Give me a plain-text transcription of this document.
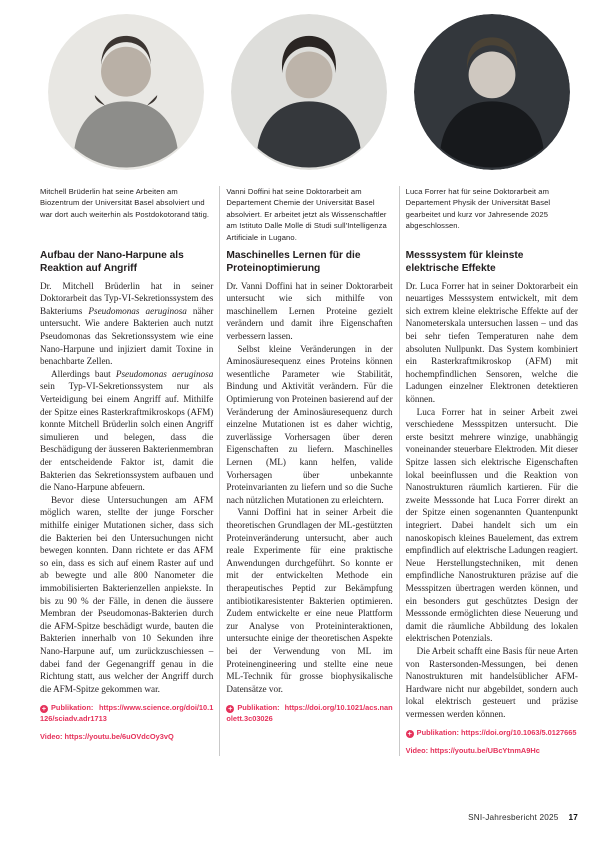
Mitchell Brüderlin hat seine Arbeiten am Biozentrum der Universität Basel absolviert und war dort auch weiterhin als Postdokotorand tätig.

Aufbau der Nano-Harpune als Reaktion auf Angriff

Dr. Mitchell Brüderlin hat in seiner Doktorarbeit das Typ-VI-Sekretionssystem des Bakteriums Pseudomonas aeruginosa näher untersucht. Wie andere Bakterien auch nutzt Pseudomonas das Sekretionssystem wie eine Nano-Harpune und injiziert damit Toxine in benachbarte Zellen.

Allerdings baut Pseudomonas aeruginosa sein Typ-VI-Sekretionssystem nur als Verteidigung bei einem Angriff auf. Mithilfe der Spitze eines Rasterkraftmikroskops (AFM) konnte Mitchell Brüderlin solch einen Angriff simulieren und belegen, dass die Beschädigung der äusseren Bakterienmembran der entscheidende Faktor ist, damit die Bakterien das Sekretionssystem aufbauen und die Nano-Harpune abfeuern.

Bevor diese Untersuchungen am AFM möglich waren, stellte der junge Forscher mithilfe einiger Mutationen sicher, dass sich die Bakterien bei den Untersuchungen nicht bewegen konnten. Dann richtete er das AFM so ein, dass es sich auf einem Raster auf und ab bewegte und alle 800 Nanometer die immobilisierten Bakterienzellen anpiekste. In bis zu 90 % der Fälle, in denen die äussere Membran der Pseudomonas-Bakterien durch die AFM-Spitze beschädigt wurde, bauten die Bakterien innerhalb von 10 Sekunden ihre Nano-Harpune auf, um zurückzuschiessen – dabei fand der Gegenangriff genau in die Richtung statt, aus welcher der Angriff durch die AFM-Spitze gekommen war.

+ Publikation: https://www.science.org/doi/10.1126/sciadv.adr1713
Video: https://youtu.be/6uOVdcOy3vQ

Vanni Doffini hat seine Doktorarbeit am Departement Chemie der Universität Basel absolviert. Er arbeitet jetzt als Wissenschaftler am Istituto Dalle Molle di Studi sull'Intelligenza Artificiale in Lugano.

Maschinelles Lernen für die Proteinoptimierung

Dr. Vanni Doffini hat in seiner Doktorarbeit untersucht wie sich mithilfe von maschinellem Lernen Proteine gezielt verändern und damit ihre Eigenschaften verbessern lassen.

Selbst kleine Veränderungen in der Aminosäuresequenz eines Proteins können wesentliche Parameter wie Stabilität, Bindung und Aktivität verändern. Für die Optimierung von Proteinen basierend auf der Veränderung der Aminosäuresequenz durch einzelne Mutationen ist es daher wichtig, zuverlässige Vorhersagen über deren Eigenschaften zu liefern. Maschinelles Lernen (ML) kann helfen, valide Vorhersagen über unbekannte Proteinvarianten zu liefern und so die Suche nach nützlichen Mutationen zu erleichtern.

Vanni Doffini hat in seiner Arbeit die theoretischen Grundlagen der ML-gestützten Proteinveränderung untersucht, aber auch reale Experimente für eine praktische Anwendungen durchgeführt. So konnte er mit der entwickelten Methode ein therapeutisches Peptid zur Bekämpfung antibiotikaresistenter Bakterien optimieren. Zudem entwickelte er eine neue Plattform zur Analyse von Proteininteraktionen, untersuchte einige der theoretischen Aspekte bei der Verwendung von ML im Proteinengineering und stellte eine neue ML-Technik für grosse biophysikalische Datensätze vor.

+ Publikation: https://doi.org/10.1021/acs.nanolett.3c03026

Luca Forrer hat für seine Doktorarbeit am Departement Physik der Universität Basel gearbeitet und kurz vor Jahresende 2025 abgeschlossen.

Messsystem für kleinste elektrische Effekte

Dr. Luca Forrer hat in seiner Doktorarbeit ein neuartiges Messsystem entwickelt, mit dem sich extrem kleine elektrische Effekte auf der Nanometerskala untersuchen lassen – und das bei sehr tiefen Temperaturen nahe dem absoluten Nullpunkt. Das System kombiniert ein Rasterkraftmikroskop (AFM) mit hochempfindlichen Sensoren, welche die Ladungen einzelner Elektronen detektieren können.

Luca Forrer hat in seiner Arbeit zwei verschiedene Messspitzen untersucht. Die erste besitzt mehrere winzige, unabhängig voneinander steuerbare Elektroden. Mit dieser Spitze lassen sich elektrische Eigenschaften lokal beeinflussen und die Reaktion von Nanostrukturen räumlich kartieren. Für die zweite Messsonde hat Luca Forrer direkt an der Spitze einen sogenannten Quantenpunkt integriert. Dabei handelt sich um ein nanoskopisch kleines Bauelement, das extrem empfindlich auf elektrische Ladungen reagiert. Neue Herstellungstechniken, mit denen empfindliche Nanostrukturen präzise auf die Messspitzen übertragen werden können, und ein besonders gut geschütztes Design der Messsonde ermöglichten diese Neuerung und damit die räumliche Abbildung des lokalen elektrischen Potenzials.

Die Arbeit schafft eine Basis für neue Arten von Rastersonden-Messungen, bei denen Nanostrukturen mit handelsüblicher AFM-Hardware nicht nur abgebildet, sondern auch lokal elektrisch gesteuert und präzise vermessen werden können.

+ Publikation: https://doi.org/10.1063/5.0127665
Video: https://youtu.be/UBcYtnmA9Hc
SNI-Jahresbericht 2025 17
